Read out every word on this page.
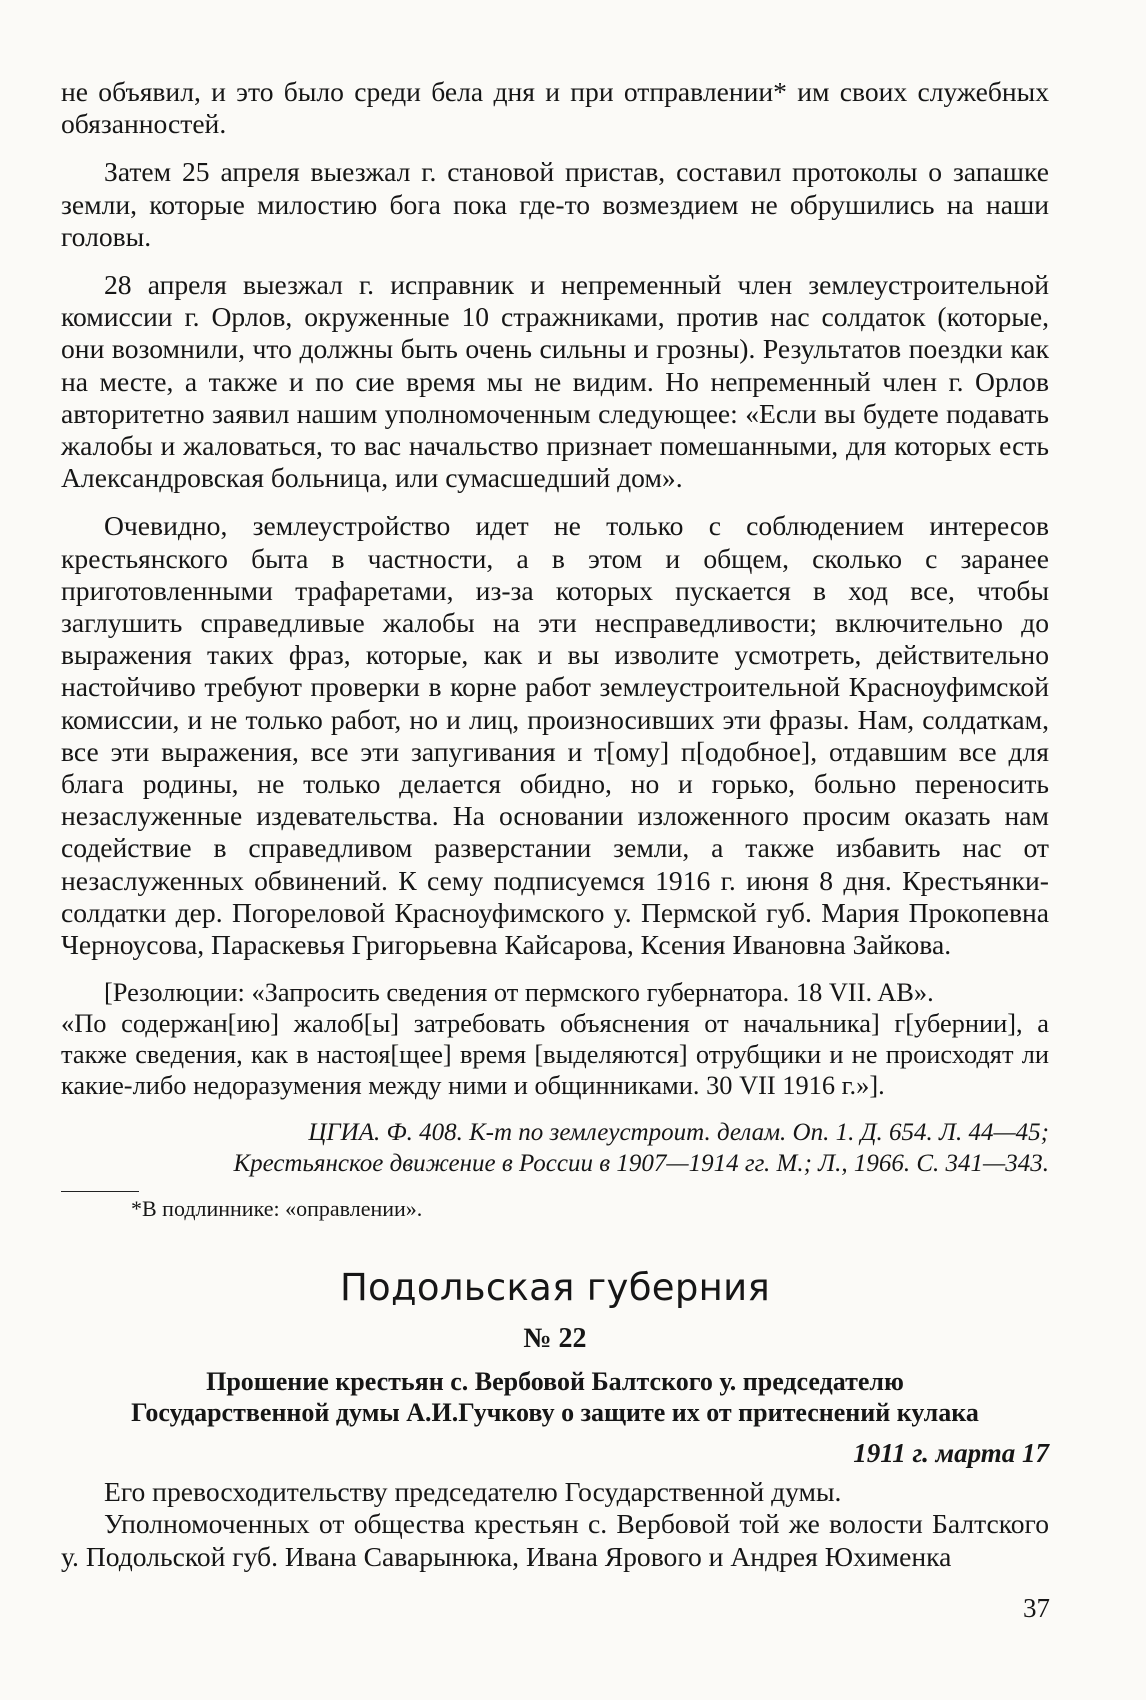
не объявил, и это было среди бела дня и при отправлении* им своих служебных обязанностей.

Затем 25 апреля выезжал г. становой пристав, составил протоколы о запашке земли, которые милостию бога пока где-то возмездием не обрушились на наши головы.

28 апреля выезжал г. исправник и непременный член землеустроительной комиссии г. Орлов, окруженные 10 стражниками, против нас солдаток (которые, они возомнили, что должны быть очень сильны и грозны). Результатов поездки как на месте, а также и по сие время мы не видим. Но непременный член г. Орлов авторитетно заявил нашим уполномоченным следующее: «Если вы будете подавать жалобы и жаловаться, то вас начальство признает помешанными, для которых есть Александровская больница, или сумасшедший дом».

Очевидно, землеустройство идет не только с соблюдением интересов крестьянского быта в частности, а в этом и общем, сколько с заранее приготовленными трафаретами, из-за которых пускается в ход все, чтобы заглушить справедливые жалобы на эти несправедливости; включительно до выражения таких фраз, которые, как и вы изволите усмотреть, действительно настойчиво требуют проверки в корне работ землеустроительной Красноуфимской комиссии, и не только работ, но и лиц, произносивших эти фразы. Нам, солдаткам, все эти выражения, все эти запугивания и т[ому] п[одобное], отдавшим все для блага родины, не только делается обидно, но и горько, больно переносить незаслуженные издевательства. На основании изложенного просим оказать нам содействие в справедливом разверстании земли, а также избавить нас от незаслуженных обвинений. К сему подписуемся 1916 г. июня 8 дня. Крестьянки-солдатки дер. Погореловой Красноуфимского у. Пермской губ. Мария Прокопевна Черноусова, Параскевья Григорьевна Кайсарова, Ксения Ивановна Зайкова.

[Резолюции: «Запросить сведения от пермского губернатора. 18 VII. AB».

«По содержан[ию] жалоб[ы] затребовать объяснения от начальника] г[убернии], а также сведения, как в настоя[щее] время [выделяются] отрубщики и не происходят ли какие-либо недоразумения между ними и общинниками. 30 VII 1916 г.»].

ЦГИА. Ф. 408. К-т по землеустроит. делам. Оп. 1. Д. 654. Л. 44—45;
Крестьянское движение в России в 1907—1914 гг. М.; Л., 1966. С. 341—343.
*В подлиннике: «оправлении».
Подольская губерния
№ 22
Прошение крестьян с. Вербовой Балтского у. председателю
Государственной думы А.И.Гучкову о защите их от притеснений кулака
1911 г. марта 17

Его превосходительству председателю Государственной думы.

Уполномоченных от общества крестьян с. Вербовой той же волости Балтского у. Подольской губ. Ивана Саварынюка, Ивана Ярового и Андрея Юхименка

37
